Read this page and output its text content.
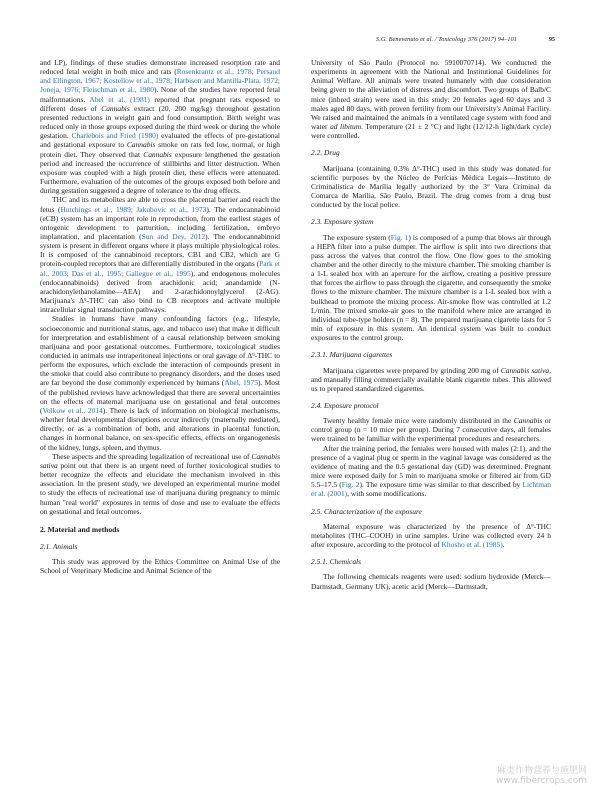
S.G. Benevenuto et al. / Toxicology 376 (2017) 94–101	95

and LP), findings of these studies demonstrate increased resorption rate and reduced fetal weight in both mice and rats (Rosenkrantz et al., 1978; Persaud and Ellington, 1967; Kostellow et al., 1978; Harbison and Mantilla-Plata, 1972; Joneja, 1976; Fleischman et al., 1980). None of the studies have reported fetal malformations. Abel et al. (1981) reported that pregnant rats exposed to different doses of Cannabis extract (20, 200 mg/kg) throughout gestation presented reductions in weight gain and food consumption. Birth weight was reduced only in those groups exposed during the third week or during the whole gestation. Charlebois and Fried (1980) evaluated the effects of pre-gestational and gestational exposure to Cannabis smoke on rats fed low, normal, or high protein diet. They observed that Cannabis exposure lengthened the gestation period and increased the occurrence of stillbirths and litter destruction. When exposure was coupled with a high protein diet, these effects were attenuated. Furthermore, evaluation of the outcomes of the groups exposed both before and during gestation suggested a degree of tolerance to the drug effects.

THC and its metabolites are able to cross the placental barrier and reach the fetus (Hutchings et al., 1989; Jakubovic et al., 1973). The endocannabinoid (eCB) system has an important role in reproduction, from the earliest stages of ontogenic development to parturition, including fertilization, embryo implantation, and placentation (Sun and Dey, 2012). The endocannabinoid system is present in different organs where it plays multiple physiological roles. It is composed of the cannabinoid receptors, CB1 and CB2, which are G protein-coupled receptors that are differentially distributed in the organs (Park et al., 2003; Das et al., 1995; Galiegue et al., 1995), and endogenous molecules (endocannabinoids) derived from arachidonic acid; anandamide (N-arachidonylethanolamine—AEA) and 2-arachidonoylglycerol (2-AG). Marijuana's Δ⁹-THC can also bind to CB receptors and activate multiple intracellular signal transduction pathways.

Studies in humans have many confounding factors (e.g., lifestyle, socioeconomic and nutritional status, age, and tobacco use) that make it difficult for interpretation and establishment of a causal relationship between smoking marijuana and poor gestational outcomes. Furthermore, toxicological studies conducted in animals use intraperitoneal injections or oral gavage of Δ⁹-THC to perform the exposures, which exclude the interaction of compounds present in the smoke that could also contribute to pregnancy disorders, and the doses used are far beyond the dose commonly experienced by humans (Abel, 1975). Most of the published reviews have acknowledged that there are several uncertainties on the effects of maternal marijuana use on gestational and fetal outcomes (Volkow et al., 2014). There is lack of information on biological mechanisms, whether fetal developmental disruptions occur indirectly (maternally mediated), directly, or as a combination of both, and alterations in placental function, changes in hormonal balance, on sex-specific effects, effects on organogenesis of the kidney, lungs, spleen, and thymus.

These aspects and the spreading legalization of recreational use of Cannabis sativa point out that there is an urgent need of further toxicological studies to better recognize the effects and elucidate the mechanism involved in this association. In the present study, we developed an experimental murine model to study the effects of recreational use of marijuana during pregnancy to mimic human "real world" exposures in terms of dose and use to evaluate the effects on gestational and fetal outcomes.

2. Material and methods
2.1. Animals

This study was approved by the Ethics Committee on Animal Use of the School of Veterinary Medicine and Animal Science of the

University of São Paulo (Protocol no. 5910070714). We conducted the experiments in agreement with the National and Institutional Guidelines for Animal Welfare. All animals were treated humanely with due consideration being given to the alleviation of distress and discomfort. Two groups of Balb/C mice (inbred strain) were used in this study: 20 females aged 60 days and 3 males aged 80 days, with proven fertility from our University's Animal Facility. We raised and maintained the animals in a ventilated cage system with food and water ad libitum. Temperature (21 ± 2 °C) and light (12/12-h light/dark cycle) were controlled.

2.2. Drug

Marijuana (containing 0.3% Δ⁹-THC) used in this study was donated for scientific purposes by the Núcleo de Perícias Médica Legais—Instituto de Criminalística de Marília legally authorized by the 3° Vara Criminal da Comarca de Marília, São Paulo, Brazil. The drug comes from a drug bust conducted by the local police.

2.3. Exposure system

The exposure system (Fig. 1) is composed of a pump that blows air through a HEPA filter into a pulse dumper. The airflow is split into two directions that pass across the valves that control the flow. One flow goes to the smoking chamber and the other directly to the mixture chamber. The smoking chamber is a 1-L sealed box with an aperture for the airflow, creating a positive pressure that forces the airflow to pass through the cigarette, and consequently the smoke flows to the mixture chamber. The mixture chamber is a 1-L sealed box with a bulkhead to promote the mixing process. Air-smoke flow was controlled at 1.2 L/min. The mixed smoke-air goes to the manifold where mice are arranged in individual tube-type holders (n = 8). The prepared marijuana cigarette lasts for 5 min of exposure in this system. An identical system was built to conduct exposures to the control group.

2.3.1. Marijuana cigarettes

Marijuana cigarettes were prepared by grinding 200 mg of Cannabis sativa, and manually filling commercially available blank cigarette tubes. This allowed us to prepared standardized cigarettes.

2.4. Exposure protocol

Twenty healthy female mice were randomly distributed in the Cannabis or control group (n = 10 mice per group). During 7 consecutive days, all females were trained to be familiar with the experimental procedures and researchers.

After the training period, the females were housed with males (2:1), and the presence of a vaginal plug or sperm in the vaginal lavage was considered as the evidence of mating and the 0.5 gestational day (GD) was determined. Pregnant mice were exposed daily for 5 min to marijuana smoke or filtered air from GD 5.5–17.5 (Fig. 2). The exposure time was similar to that described by Lichtman et al. (2001), with some modifications.

2.5. Characterization of the exposure

Maternal exposure was characterized by the presence of Δ⁹-THC metabolites (THC–COOH) in urine samples. Urine was collected every 24 h after exposure, according to the protocol of Khosho et al. (1985).

2.5.1. Chemicals

The following chemicals reagents were used: sodium hydroxide (Merck—Darmstadt, Germany UK), acetic acid (Merck—Darmstadt,

麻类作物营养与施肥网
www.fibercrops.com
